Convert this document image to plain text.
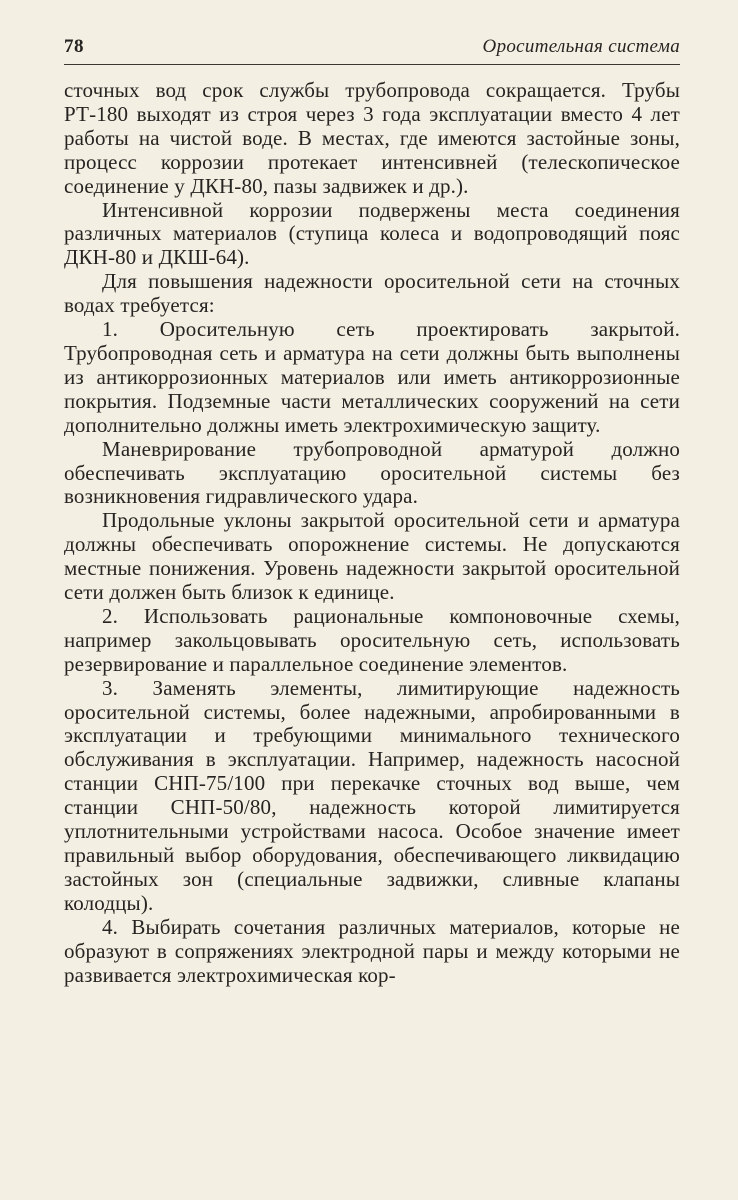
78	Оросительная система

сточных вод срок службы трубопровода сокращается. Трубы РТ-180 выходят из строя через 3 года эксплуатации вместо 4 лет работы на чистой воде. В местах, где имеются застойные зоны, процесс коррозии протекает интенсивней (телескопическое соединение у ДКН-80, пазы задвижек и др.).

Интенсивной коррозии подвержены места соединения различных материалов (ступица колеса и водопроводящий пояс ДКН-80 и ДКШ-64).

Для повышения надежности оросительной сети на сточных водах требуется:

1. Оросительную сеть проектировать закрытой. Трубопроводная сеть и арматура на сети должны быть выполнены из антикоррозионных материалов или иметь антикоррозионные покрытия. Подземные части металлических сооружений на сети дополнительно должны иметь электрохимическую защиту.

Маневрирование трубопроводной арматурой должно обеспечивать эксплуатацию оросительной системы без возникновения гидравлического удара.

Продольные уклоны закрытой оросительной сети и арматура должны обеспечивать опорожнение системы. Не допускаются местные понижения. Уровень надежности закрытой оросительной сети должен быть близок к единице.

2. Использовать рациональные компоновочные схемы, например закольцовывать оросительную сеть, использовать резервирование и параллельное соединение элементов.

3. Заменять элементы, лимитирующие надежность оросительной системы, более надежными, апробированными в эксплуатации и требующими минимального технического обслуживания в эксплуатации. Например, надежность насосной станции СНП-75/100 при перекачке сточных вод выше, чем станции СНП-50/80, надежность которой лимитируется уплотнительными устройствами насоса. Особое значение имеет правильный выбор оборудования, обеспечивающего ликвидацию застойных зон (специальные задвижки, сливные клапаны колодцы).

4. Выбирать сочетания различных материалов, которые не образуют в сопряжениях электродной пары и между которыми не развивается электрохимическая кор-
